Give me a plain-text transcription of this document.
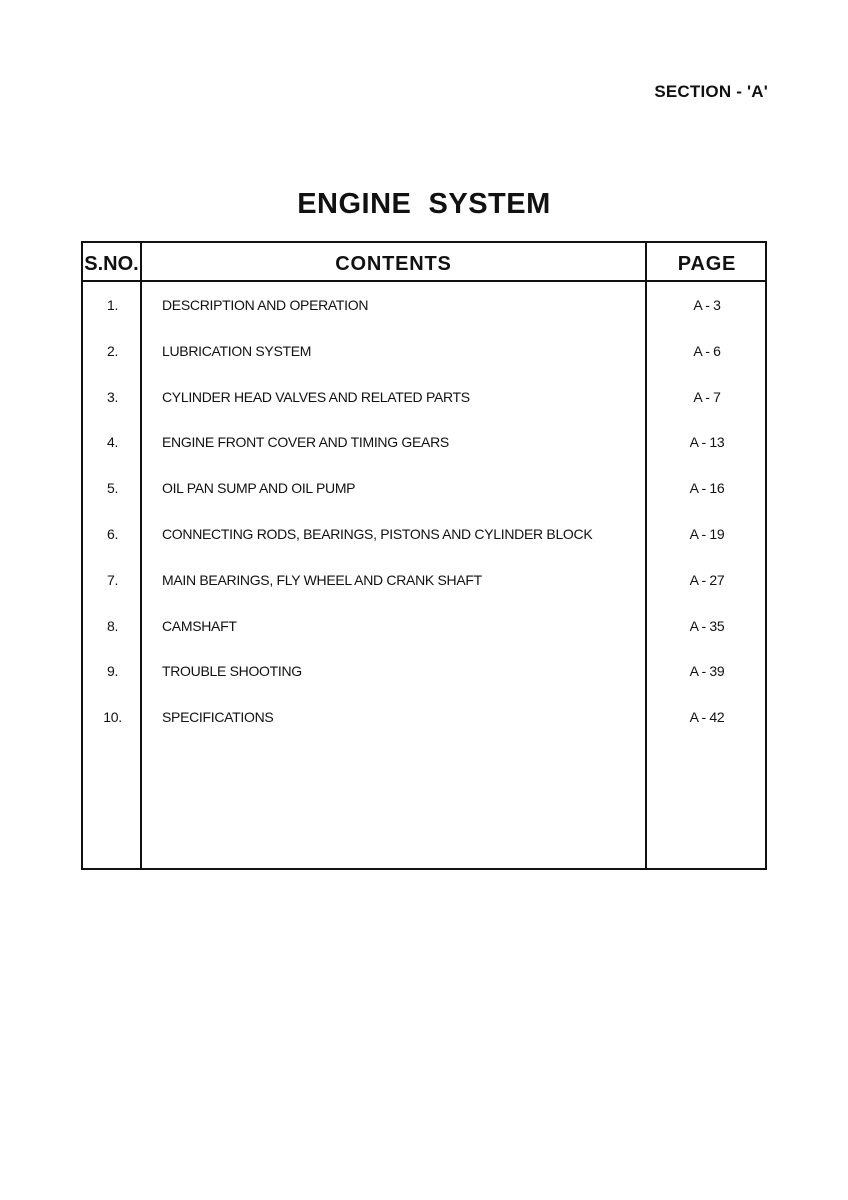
SECTION - 'A'
ENGINE  SYSTEM
S.NO.	CONTENTS	PAGE
1.	DESCRIPTION AND OPERATION	A - 3
2.	LUBRICATION SYSTEM	A - 6
3.	CYLINDER HEAD VALVES AND RELATED PARTS	A - 7
4.	ENGINE FRONT COVER AND TIMING GEARS	A - 13
5.	OIL PAN SUMP AND OIL PUMP	A - 16
6.	CONNECTING RODS, BEARINGS, PISTONS AND CYLINDER BLOCK	A - 19
7.	MAIN BEARINGS, FLY WHEEL AND CRANK SHAFT	A - 27
8.	CAMSHAFT	A - 35
9.	TROUBLE SHOOTING	A - 39
10.	SPECIFICATIONS	A - 42
